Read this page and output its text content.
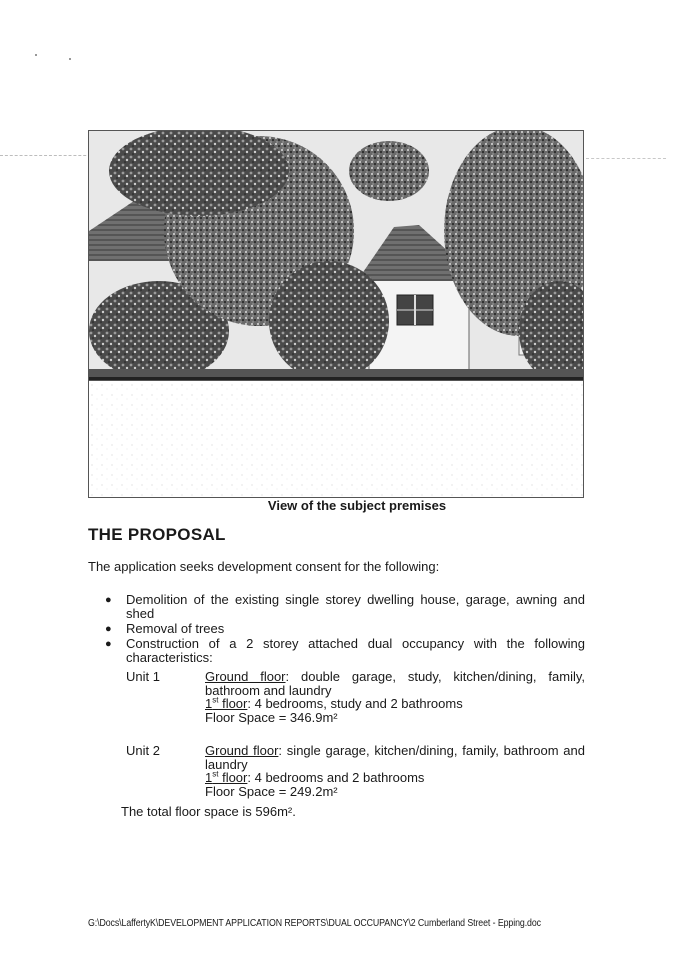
View of the subject premises
THE PROPOSAL
The application seeks development consent for the following:
● Demolition of the existing single storey dwelling house, garage, awning and shed
● Removal of trees
● Construction of a 2 storey attached dual occupancy with the following characteristics:
Unit 1	Ground floor: double garage, study, kitchen/dining, family, bathroom and laundry
1st floor: 4 bedrooms, study and 2 bathrooms
Floor Space = 346.9m²
Unit 2	Ground floor: single garage, kitchen/dining, family, bathroom and laundry
1st floor: 4 bedrooms and 2 bathrooms
Floor Space = 249.2m²
The total floor space is 596m².
G:\Docs\LaffertyK\DEVELOPMENT APPLICATION REPORTS\DUAL OCCUPANCY\2 Cumberland Street - Epping.doc
